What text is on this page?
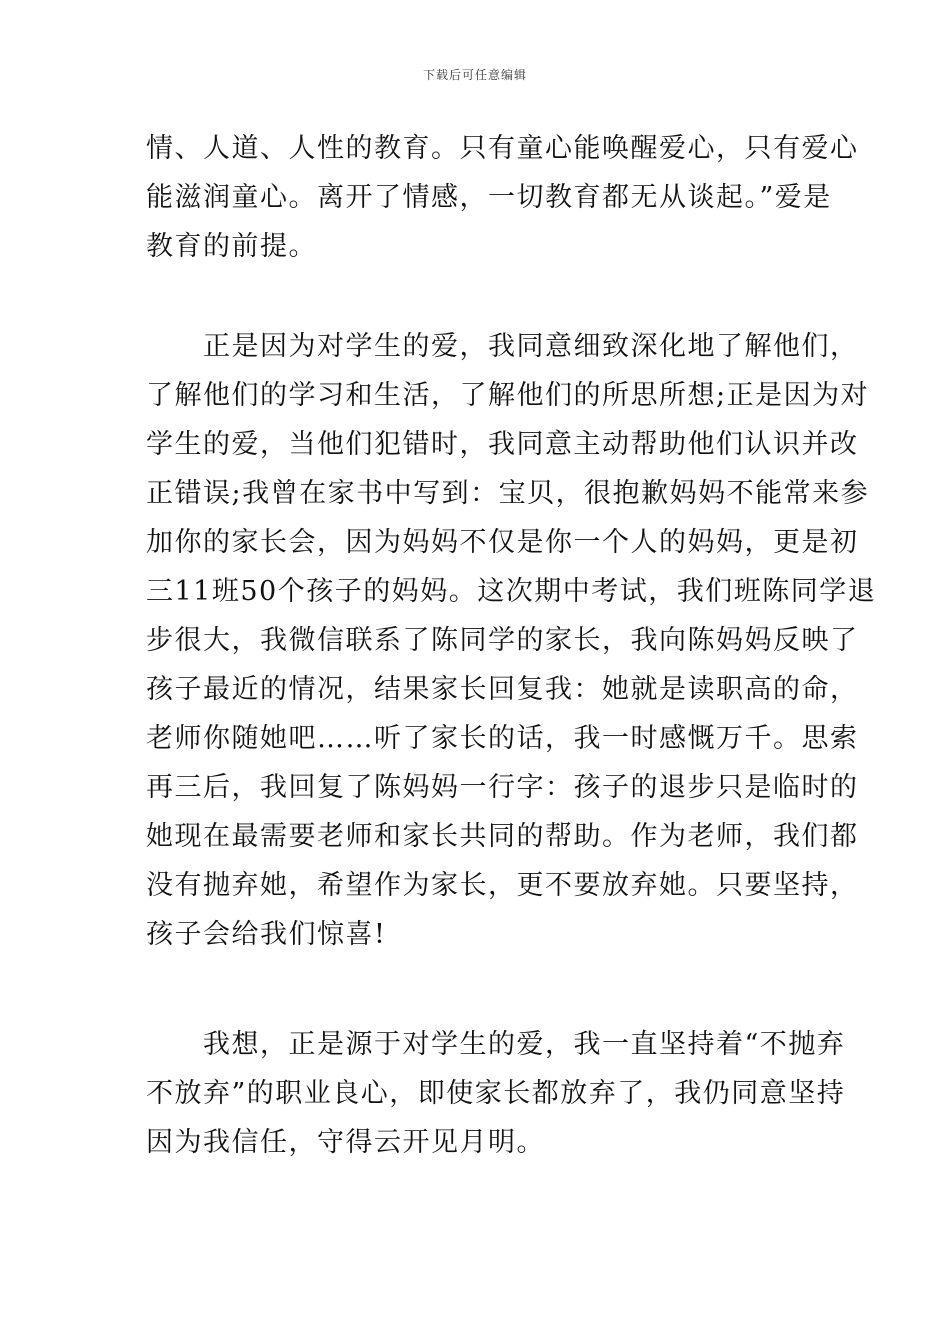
下载后可任意编辑
情、人道、人性的教育。只有童心能唤醒爱心，只有爱心
能滋润童心。离开了情感，一切教育都无从谈起。”爱是
教育的前提。
　　正是因为对学生的爱，我同意细致深化地了解他们，
了解他们的学习和生活，了解他们的所思所想;正是因为对
学生的爱，当他们犯错时，我同意主动帮助他们认识并改
正错误;我曾在家书中写到：宝贝，很抱歉妈妈不能常来参
加你的家长会，因为妈妈不仅是你一个人的妈妈，更是初
三11班50个孩子的妈妈。这次期中考试，我们班陈同学退
步很大，我微信联系了陈同学的家长，我向陈妈妈反映了
孩子最近的情况，结果家长回复我：她就是读职高的命，
老师你随她吧……听了家长的话，我一时感慨万千。思索
再三后，我回复了陈妈妈一行字：孩子的退步只是临时的
她现在最需要老师和家长共同的帮助。作为老师，我们都
没有抛弃她，希望作为家长，更不要放弃她。只要坚持，
孩子会给我们惊喜!
　　我想，正是源于对学生的爱，我一直坚持着“不抛弃
不放弃”的职业良心，即使家长都放弃了，我仍同意坚持
因为我信任，守得云开见月明。
